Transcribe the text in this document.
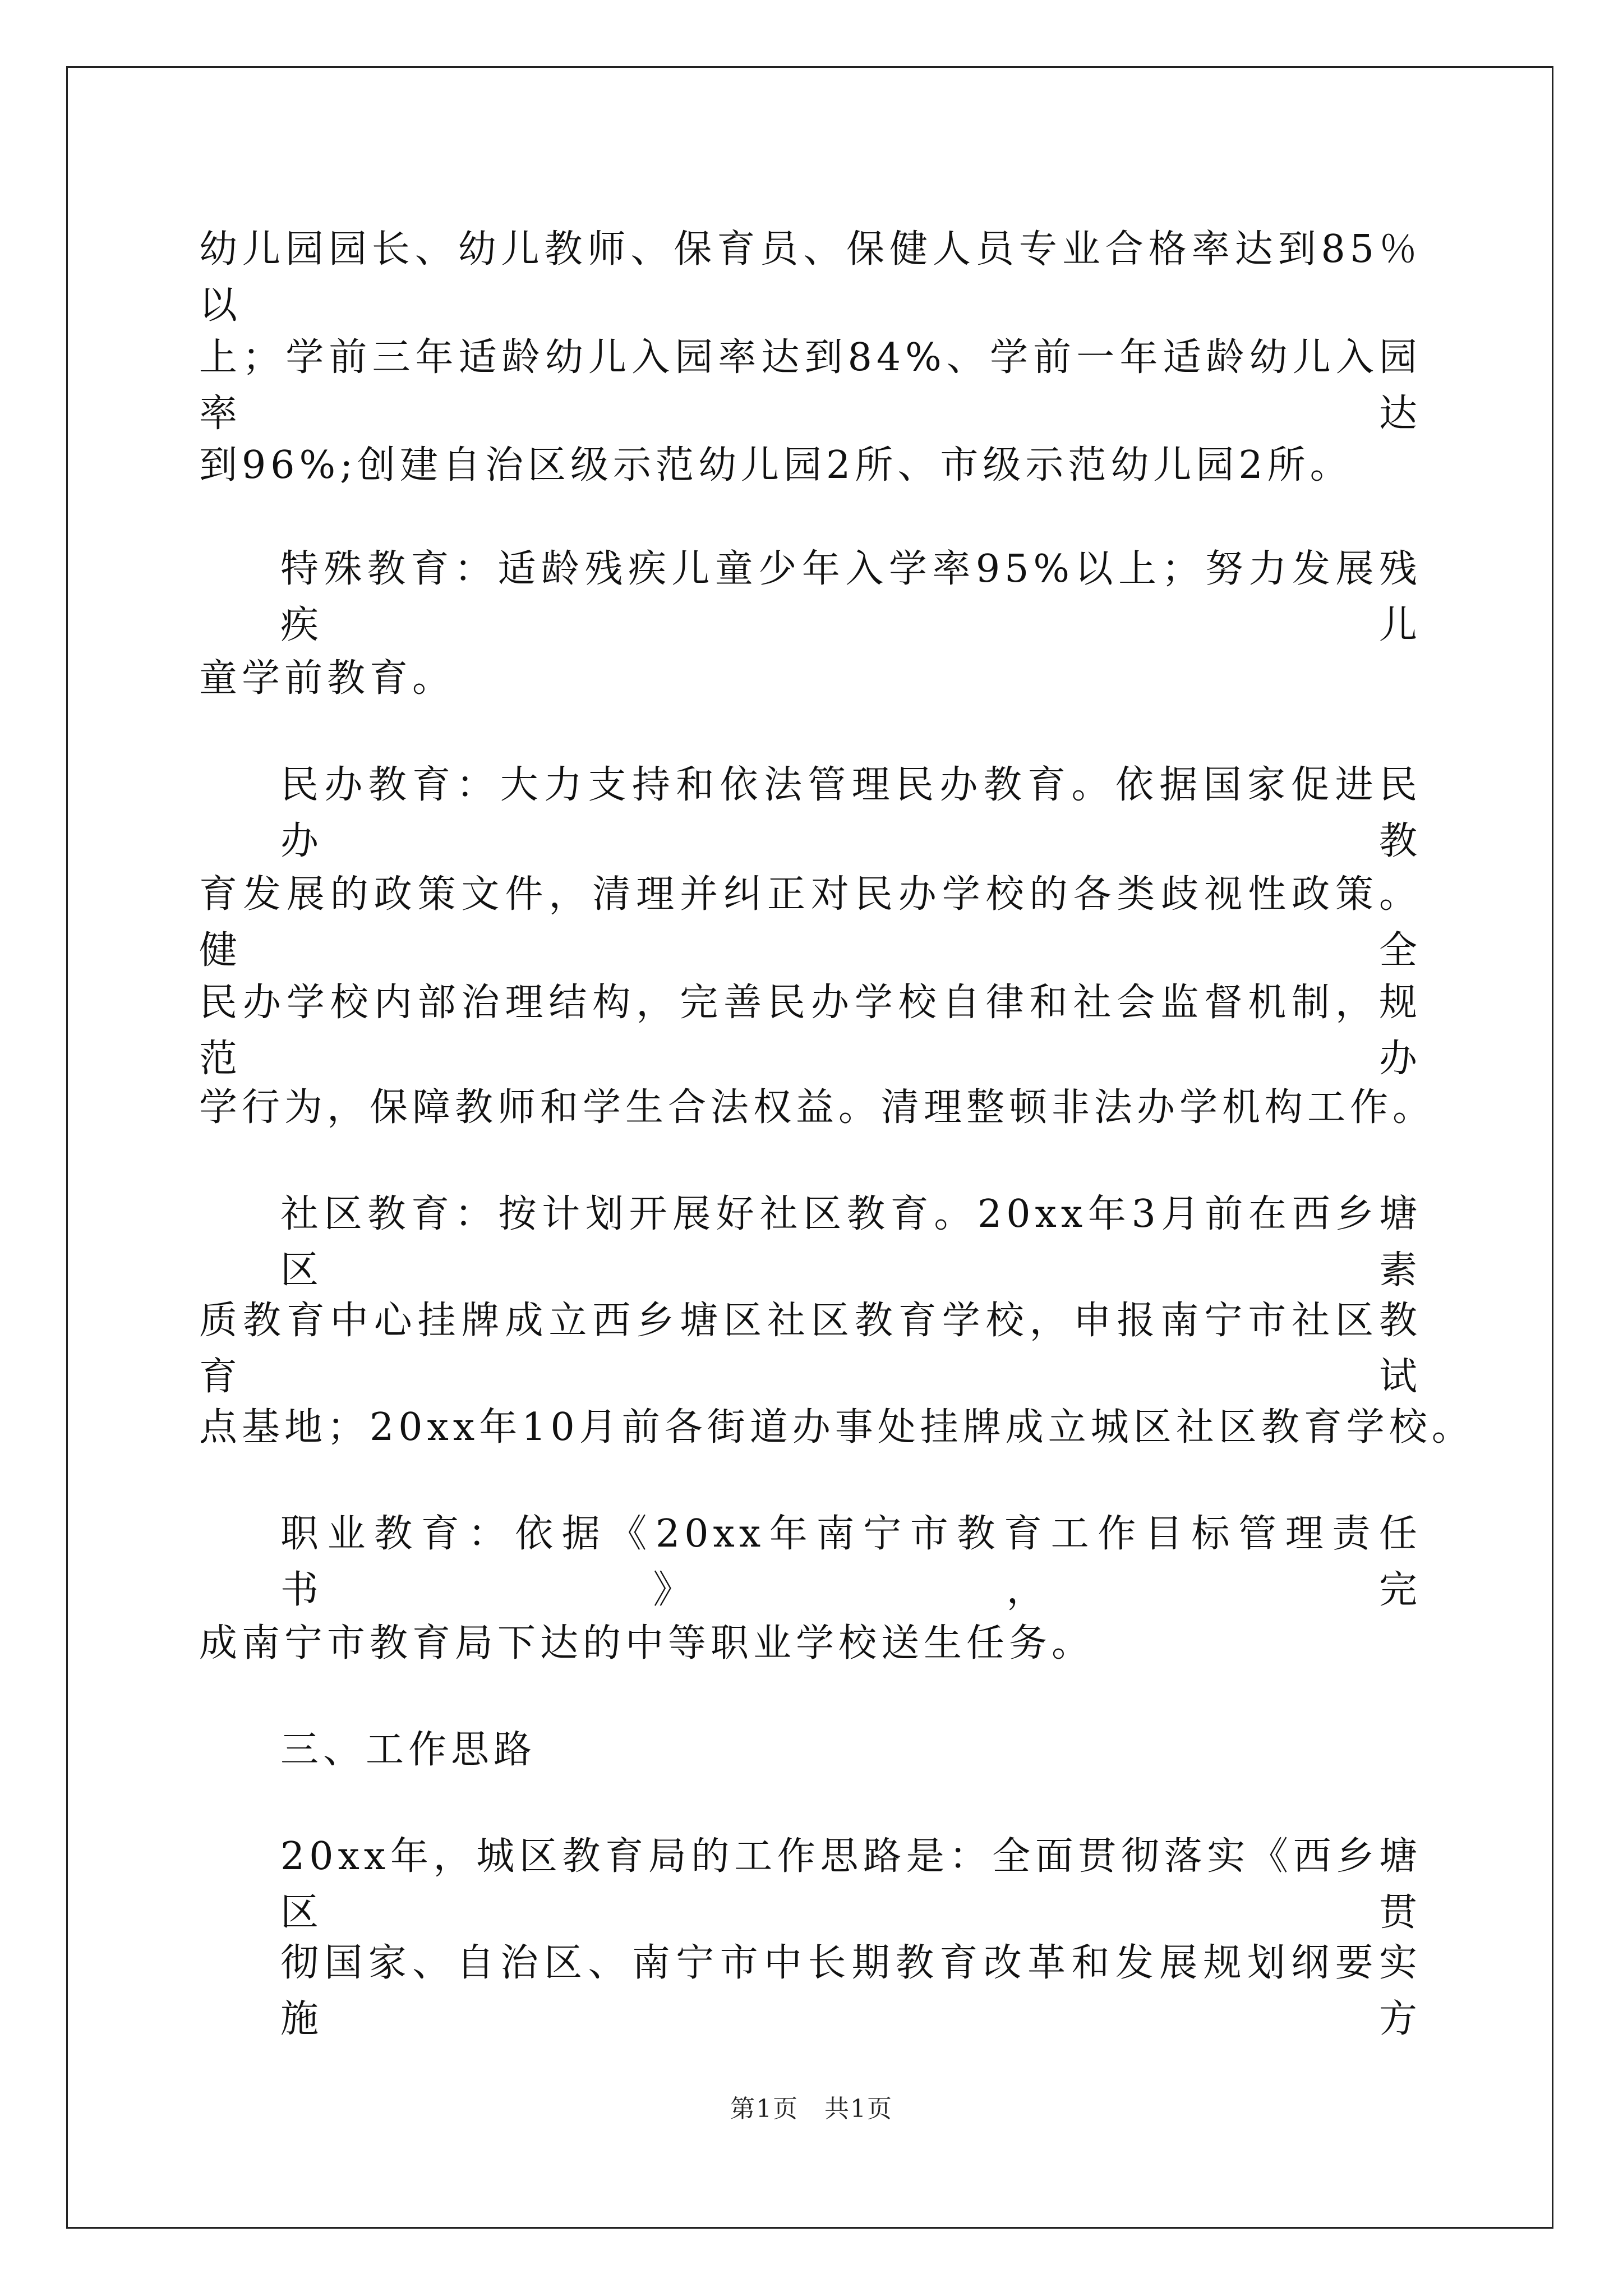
幼儿园园长、幼儿教师、保育员、保健人员专业合格率达到85％以
上；学前三年适龄幼儿入园率达到84%、学前一年适龄幼儿入园率达
到96%;创建自治区级示范幼儿园2所、市级示范幼儿园2所。
特殊教育：适龄残疾儿童少年入学率95%以上；努力发展残疾儿
童学前教育。
民办教育：大力支持和依法管理民办教育。依据国家促进民办教
育发展的政策文件，清理并纠正对民办学校的各类歧视性政策。健全
民办学校内部治理结构，完善民办学校自律和社会监督机制，规范办
学行为，保障教师和学生合法权益。清理整顿非法办学机构工作。
社区教育：按计划开展好社区教育。20xx年3月前在西乡塘区素
质教育中心挂牌成立西乡塘区社区教育学校，申报南宁市社区教育试
点基地；20xx年10月前各街道办事处挂牌成立城区社区教育学校。
职业教育：依据《20xx年南宁市教育工作目标管理责任书》，完
成南宁市教育局下达的中等职业学校送生任务。
三、工作思路
20xx年，城区教育局的工作思路是：全面贯彻落实《西乡塘区贯
彻国家、自治区、南宁市中长期教育改革和发展规划纲要实施方
第1页　共1页
